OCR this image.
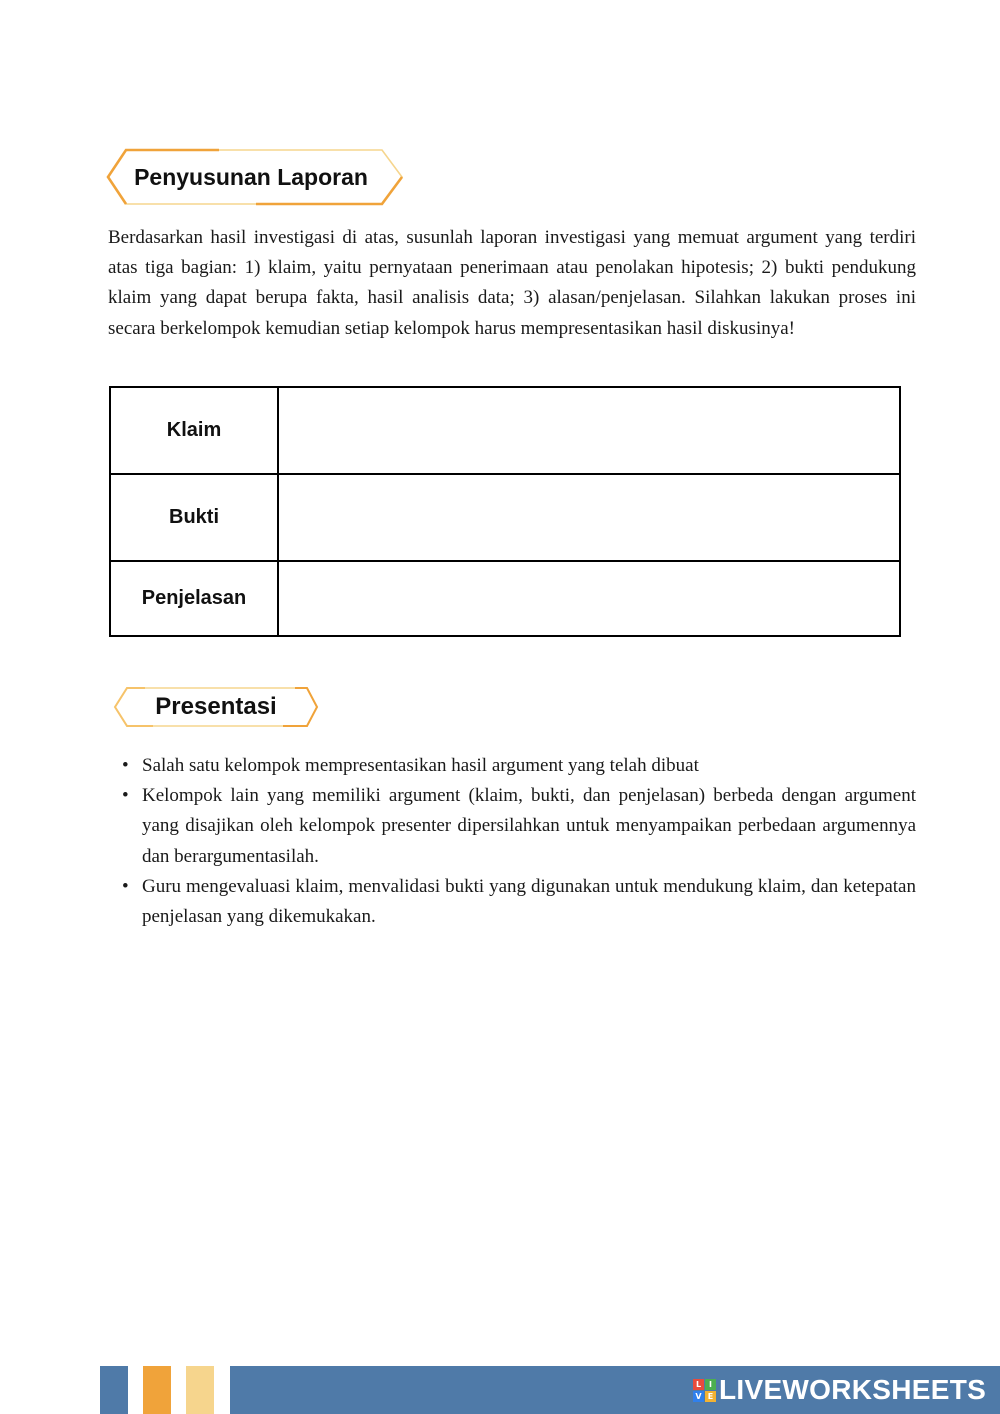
Penyusunan Laporan

Berdasarkan hasil investigasi di atas, susunlah laporan investigasi yang memuat argument yang terdiri atas tiga bagian: 1) klaim, yaitu pernyataan penerimaan atau penolakan hipotesis; 2) bukti pendukung klaim yang dapat berupa fakta, hasil analisis data; 3) alasan/penjelasan. Silahkan lakukan proses ini secara berkelompok kemudian setiap kelompok harus mempresentasikan hasil diskusinya!

Klaim	
Bukti	
Penjelasan	
Presentasi
• Salah satu kelompok mempresentasikan hasil argument yang telah dibuat
• Kelompok lain yang memiliki argument (klaim, bukti, dan penjelasan) berbeda dengan argument yang disajikan oleh kelompok presenter dipersilahkan untuk menyampaikan perbedaan argumennya dan berargumentasilah.
• Guru mengevaluasi klaim, menvalidasi bukti yang digunakan untuk mendukung klaim, dan ketepatan penjelasan yang dikemukakan.
L I
V E LIVEWORKSHEETS
